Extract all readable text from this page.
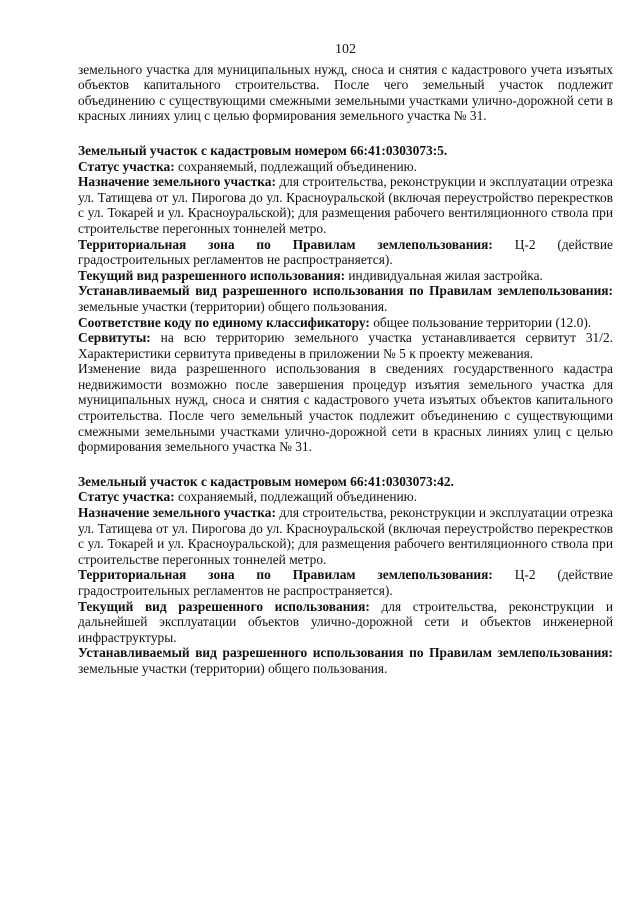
102

земельного участка для муниципальных нужд, сноса и снятия с кадастрового учета изъятых объектов капитального строительства. После чего земельный участок подлежит объединению с существующими смежными земельными участками улично-дорожной сети в красных линиях улиц с целью формирования земельного участка № 31.

Земельный участок с кадастровым номером 66:41:0303073:5.

Статус участка: сохраняемый, подлежащий объединению.

Назначение земельного участка: для строительства, реконструкции и эксплуатации отрезка ул. Татищева от ул. Пирогова до ул. Красноуральской (включая переустройство перекрестков с ул. Токарей и ул. Красноуральской); для размещения рабочего вентиляционного ствола при строительстве перегонных тоннелей метро.

Территориальная зона по Правилам землепользования: Ц-2 (действие градостроительных регламентов не распространяется).

Текущий вид разрешенного использования: индивидуальная жилая застройка.

Устанавливаемый вид разрешенного использования по Правилам землепользования: земельные участки (территории) общего пользования.

Соответствие коду по единому классификатору: общее пользование территории (12.0).

Сервитуты: на всю территорию земельного участка устанавливается сервитут 31/2. Характеристики сервитута приведены в приложении № 5 к проекту межевания.

Изменение вида разрешенного использования в сведениях государственного кадастра недвижимости возможно после завершения процедур изъятия земельного участка для муниципальных нужд, сноса и снятия с кадастрового учета изъятых объектов капитального строительства. После чего земельный участок подлежит объединению с существующими смежными земельными участками улично-дорожной сети в красных линиях улиц с целью формирования земельного участка № 31.

Земельный участок с кадастровым номером 66:41:0303073:42.

Статус участка: сохраняемый, подлежащий объединению.

Назначение земельного участка: для строительства, реконструкции и эксплуатации отрезка ул. Татищева от ул. Пирогова до ул. Красноуральской (включая переустройство перекрестков с ул. Токарей и ул. Красноуральской); для размещения рабочего вентиляционного ствола при строительстве перегонных тоннелей метро.

Территориальная зона по Правилам землепользования: Ц-2 (действие градостроительных регламентов не распространяется).

Текущий вид разрешенного использования: для строительства, реконструкции и дальнейшей эксплуатации объектов улично-дорожной сети и объектов инженерной инфраструктуры.

Устанавливаемый вид разрешенного использования по Правилам землепользования: земельные участки (территории) общего пользования.
